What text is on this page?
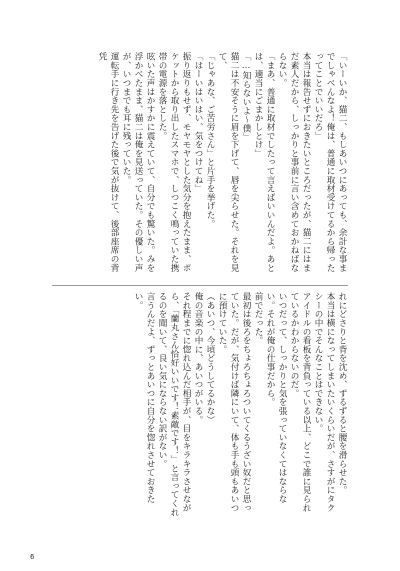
「いーいか、猫二、もしあいつにあっても、余計な事までしゃべんなよ！俺は、普通に取材受けてるから帰ったってことでいいだろ」

本当は報告せずにおきたいところだったが、猫二にはまだ素人だから、しっかりと事前に言い含めておかねばならない。

「まあ、普通に取材でしたって言えばいいんだよ。あとは、適当にごまかしとけ」

「…知らないよ〜僕」

猫二は不安そうに眉を下げて、唇を尖らせた。それを見て、

「じゃあな、ご苦労さん」と片手を挙げた。

「はーいはいはい、気をつけてね」

振り返りもせず、モヤモヤとした気分を抱えたまま、ポケットから取り出したスマホで、しつこく鳴っていた携帯の電源を落とした。

呟いた声はかすかに震えていて、自分でも驚いた。みを浮かべたまま、猫二は俺を見送っていた。その優しい声が、いつまでも耳に残っていた。

運転手に行き先を告げた後で気が抜けて、後部座席の背凭

れにどさりと背を沈め、ずるずると腰を滑らせた。

本当は横になってしまいたいくらいだが、さすがにタクシーの中でそんなことはできない。

アイドルの看板を背負っている以上、どこで誰に見られているかわからないのだ。

いつだって、しっかりと気を張っていなくてはならない。それが俺の仕事だから。

前でだった。

最初は後ろをちょろちょろついてくるうざい奴だと思っていた。だが、気付けば隣にいて、体も手も頭もあいつに預けていた。

（あいつ、今頃どうしてるかな）

俺の音楽の中に、あいつがいる。

それ程までに惚れ込んだ相手が、目をキラキラさせながら、「蘭丸さん恰好いいです！素敵です！」と言ってくれるのを聞いて、良い気にならない訳がない。

言うんだよ、ずっとあいつに自分を惚れさせておきたい。

6
